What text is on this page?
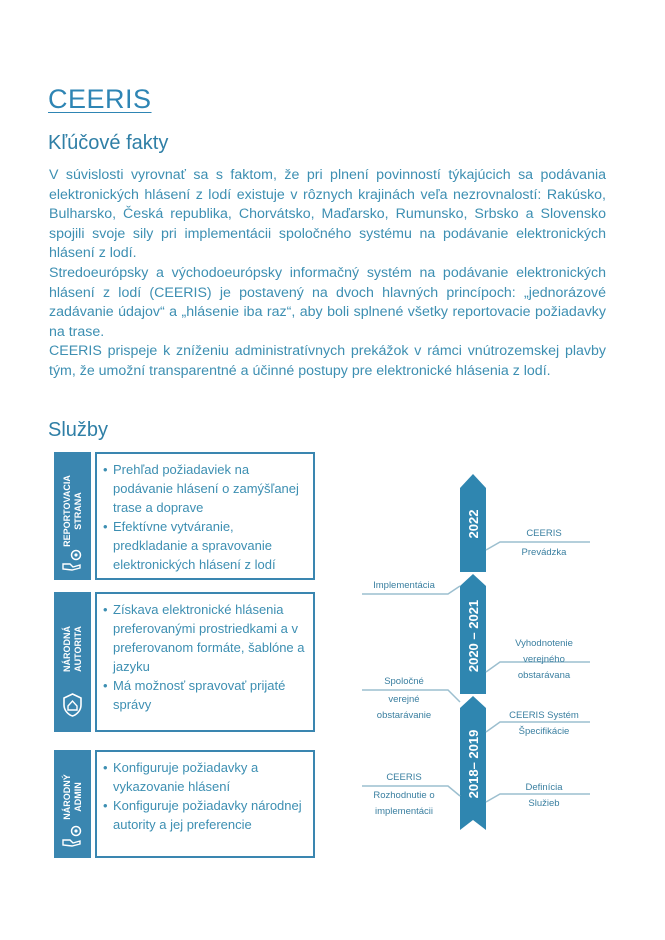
CEERIS
Kľúčové fakty

V súvislosti vyrovnať sa s faktom, že pri plnení povinností týkajúcich sa podávania elektronických hlásení z lodí existuje v rôznych krajinách veľa nezrovnalostí: Rakúsko, Bulharsko, Česká republika, Chorvátsko, Maďarsko, Rumunsko, Srbsko a Slovensko spojili svoje sily pri implementácii spoločného systému na podávanie elektronických hlásení z lodí.

Stredoeurópsky a východoeurópsky informačný systém na podávanie elektronických hlásení z lodí (CEERIS) je postavený na dvoch hlavných princípoch: „jednorázové zadávanie údajov“ a „hlásenie iba raz“, aby boli splnené všetky reportovacie požiadavky na trase.

CEERIS prispeje k zníženiu administratívnych prekážok v rámci vnútrozemskej plavby tým, že umožní transparentné a účinné postupy pre elektronické hlásenia z lodí.

Služby
REPORTOVACIA STRANA
• Prehľad požiadaviek na podávanie hlásení o zamýšľanej trase a doprave
• Efektívne vytváranie, predkladanie a spravovanie elektronických hlásení z lodí
NÁRODNÁ AUTORITA
• Získava elektronické hlásenia preferovanými prostriedkami a v preferovanom formáte, šablóne a jazyku
• Má možnosť spravovať prijaté správy
NÁRODNÝ ADMIN
• Konfiguruje požiadavky a vykazovanie hlásení
• Konfiguruje požiadavky národnej autority a jej preferencie
2022
2020 – 2021
2018– 2019
CEERIS
Prevádzka
Implementácia
Vyhodnotenie
verejného
obstarávana
Spoločné
verejné
obstarávanie	CEERIS Systém
Špecifikácie
CEERIS
Rozhodnutie o
implementácii
Definícia
Služieb
